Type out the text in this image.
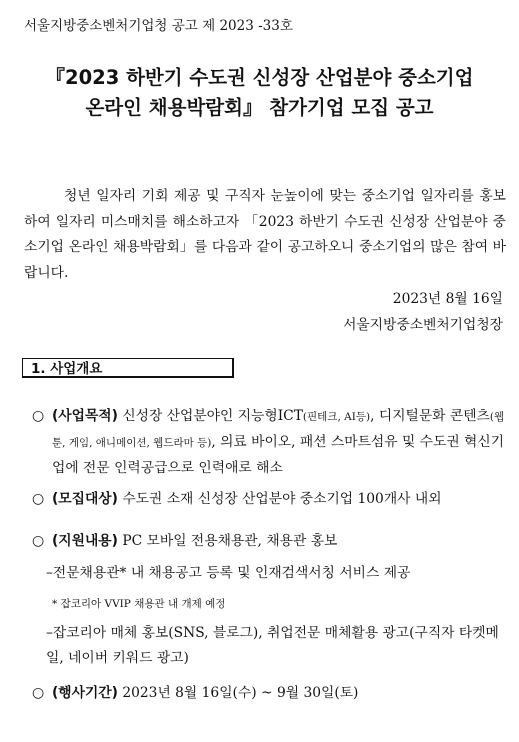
서울지방중소벤처기업청 공고 제 2023 -33호
『2023 하반기 수도권 신성장 산업분야 중소기업
온라인 채용박람회』 참가기업 모집 공고
청년 일자리 기회 제공 및 구직자 눈높이에 맞는 중소기업 일자리를 홍보하여 일자리 미스매치를 해소하고자 「2023 하반기 수도권 신성장 산업분야 중소기업 온라인 채용박람회」를 다음과 같이 공고하오니 중소기업의 많은 참여 바랍니다.
2023년 8월 16일
서울지방중소벤처기업청장
1. 사업개요
○ (사업목적) 신성장 산업분야인 지능형ICT(핀테크, AI등), 디지털문화 콘텐츠(웹툰, 게임, 애니메이션, 웹드라마 등), 의료 바이오, 패션 스마트섬유 및 수도권 혁신기업에 전문 인력공급으로 인력애로 해소
○ (모집대상) 수도권 소재 신성장 산업분야 중소기업 100개사 내외
○ (지원내용) PC 모바일 전용채용관, 채용관 홍보
–전문채용관* 내 채용공고 등록 및 인재검색서칭 서비스 제공
* 잡코리아 VVIP 채용관 내 개제 예정
–잡코리아 매체 홍보(SNS, 블로그), 취업전문 매체활용 광고(구직자 타켓메일, 네이버 키워드 광고)
○ (행사기간) 2023년 8월 16일(수) ~ 9월 30일(토)
